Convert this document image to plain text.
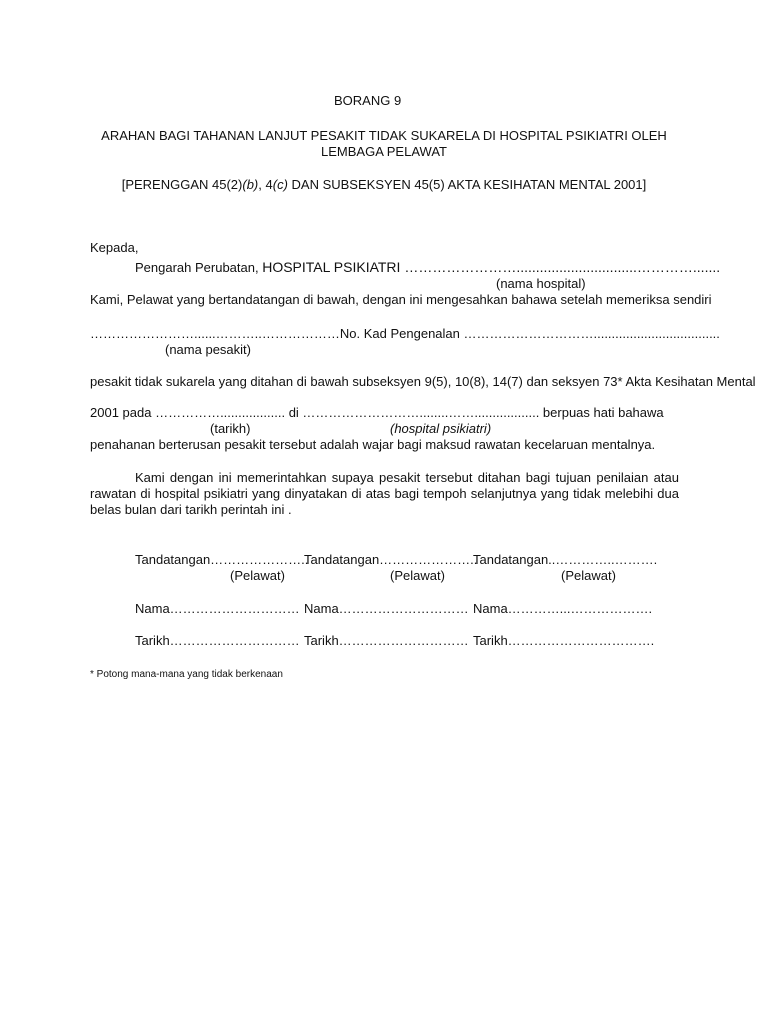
BORANG 9
ARAHAN BAGI TAHANAN LANJUT PESAKIT TIDAK SUKARELA DI HOSPITAL PSIKIATRI OLEH
LEMBAGA PELAWAT
[PERENGGAN 45(2)(b), 4(c) DAN SUBSEKSYEN 45(5) AKTA KESIHATAN MENTAL 2001]
Kepada,
Pengarah Perubatan, HOSPITAL PSIKIATRI ……………………...............................………….......
(nama hospital)
Kami, Pelawat yang bertandatangan di bawah, dengan ini mengesahkan bahawa setelah memeriksa sendiri
……………………......………..………………No. Kad Pengenalan …………………………...................................
(nama pesakit)
pesakit tidak sukarela yang ditahan di bawah subseksyen 9(5), 10(8), 14(7) dan seksyen 73* Akta Kesihatan Mental
2001 pada …………….................. di ………………………........…….................. berpuas hati bahawa
(tarikh)	(hospital psikiatri)
penahanan berterusan pesakit tersebut adalah wajar bagi maksud rawatan kecelaruan mentalnya.
Kami dengan ini memerintahkan supaya pesakit tersebut ditahan bagi tujuan penilaian atau rawatan di hospital psikiatri yang dinyatakan di atas bagi tempoh selanjutnya yang tidak melebihi dua belas bulan dari tarikh perintah ini .
Tandatangan…………………..
(Pelawat)
Nama…………………………
Tarikh…………………………
Tandatangan…………………..
(Pelawat)
Nama…………………………
Tarikh…………………………
Tandatangan..…………..……….
(Pelawat)
Nama…………...……………….
Tarikh…………………………….
* Potong mana-mana yang tidak berkenaan
